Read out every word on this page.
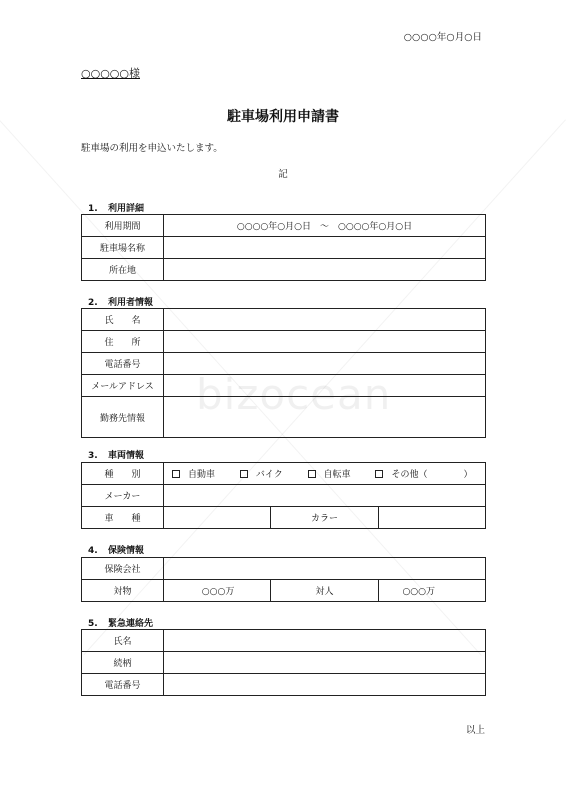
bizocean
○○○○年○月○日
○○○○○様
駐車場利用申請書
駐車場の利用を申込いたします。
記
1. 利用詳細
利用期間	○○○○年○月○日　～　○○○○年○月○日
駐車場名称	
所在地	
2. 利用者情報
氏　　名	
住　　所	
電話番号	
メールアドレス	
勤務先情報	
3. 車両情報
種　　別	自動車 バイク 自転車 その他（　　　　）		
メーカー			
車　　種		カラー	
4. 保険情報
保険会社			
対物	○○○万	対人	○○○万
5. 緊急連絡先
氏名	
続柄	
電話番号	
以上
